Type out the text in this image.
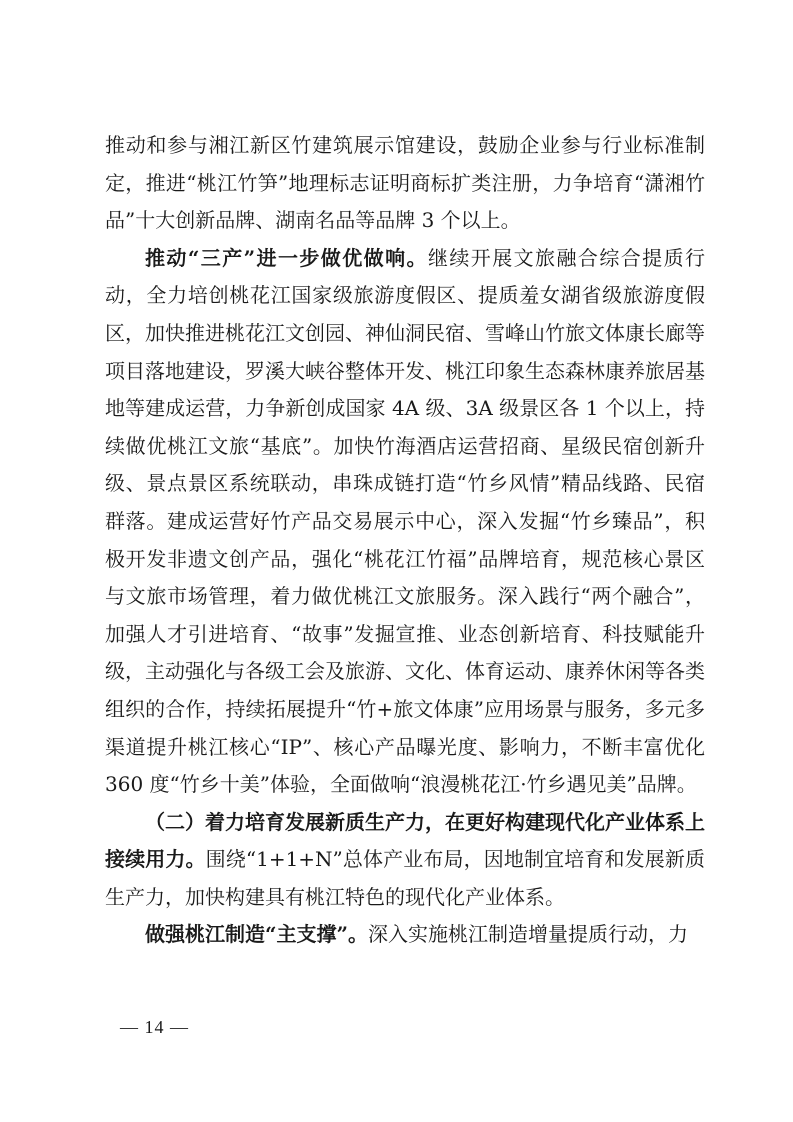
推动和参与湘江新区竹建筑展示馆建设，鼓励企业参与行业标准制定，推进“桃江竹笋”地理标志证明商标扩类注册，力争培育“潇湘竹品”十大创新品牌、湖南名品等品牌 3 个以上。

推动“三产”进一步做优做响。继续开展文旅融合综合提质行动，全力培创桃花江国家级旅游度假区、提质羞女湖省级旅游度假区，加快推进桃花江文创园、神仙洞民宿、雪峰山竹旅文体康长廊等项目落地建设，罗溪大峡谷整体开发、桃江印象生态森林康养旅居基地等建成运营，力争新创成国家 4A 级、3A 级景区各 1 个以上，持续做优桃江文旅“基底”。加快竹海酒店运营招商、星级民宿创新升级、景点景区系统联动，串珠成链打造“竹乡风情”精品线路、民宿群落。建成运营好竹产品交易展示中心，深入发掘“竹乡臻品”，积极开发非遗文创产品，强化“桃花江竹福”品牌培育，规范核心景区与文旅市场管理，着力做优桃江文旅服务。深入践行“两个融合”，加强人才引进培育、“故事”发掘宣推、业态创新培育、科技赋能升级，主动强化与各级工会及旅游、文化、体育运动、康养休闲等各类组织的合作，持续拓展提升“竹+旅文体康”应用场景与服务，多元多渠道提升桃江核心“IP”、核心产品曝光度、影响力，不断丰富优化 360 度“竹乡十美”体验，全面做响“浪漫桃花江·竹乡遇见美”品牌。

（二）着力培育发展新质生产力，在更好构建现代化产业体系上接续用力。围绕“1+1+N”总体产业布局，因地制宜培育和发展新质生产力，加快构建具有桃江特色的现代化产业体系。

做强桃江制造“主支撑”。深入实施桃江制造增量提质行动，力

— 14 —
